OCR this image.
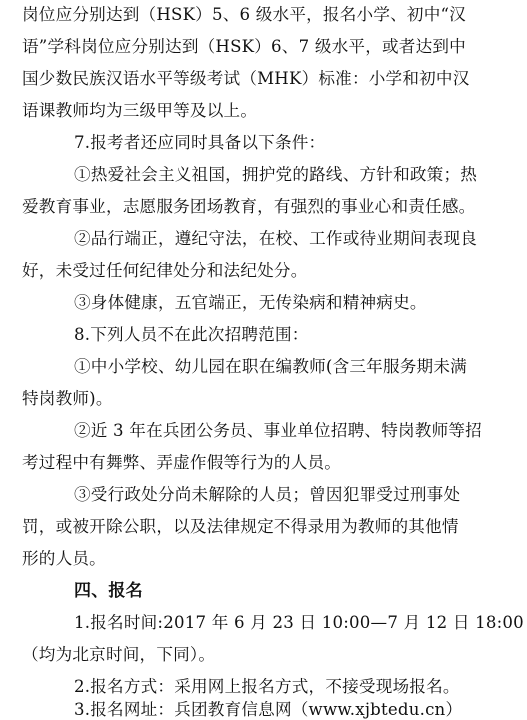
岗位应分别达到（HSK）5、6 级水平，报名小学、初中“汉
语”学科岗位应分别达到（HSK）6、7 级水平，或者达到中
国少数民族汉语水平等级考试（MHK）标准：小学和初中汉
语课教师均为三级甲等及以上。
7.报考者还应同时具备以下条件：
①热爱社会主义祖国，拥护党的路线、方针和政策；热
爱教育事业，志愿服务团场教育，有强烈的事业心和责任感。
②品行端正，遵纪守法，在校、工作或待业期间表现良
好，未受过任何纪律处分和法纪处分。
③身体健康，五官端正，无传染病和精神病史。
8.下列人员不在此次招聘范围：
①中小学校、幼儿园在职在编教师(含三年服务期未满
特岗教师)。
②近 3 年在兵团公务员、事业单位招聘、特岗教师等招
考过程中有舞弊、弄虚作假等行为的人员。
③受行政处分尚未解除的人员；曾因犯罪受过刑事处
罚，或被开除公职，以及法律规定不得录用为教师的其他情
形的人员。
四、报名
1.报名时间:2017 年 6 月 23 日 10:00—7 月 12 日 18:00
（均为北京时间，下同）。
2.报名方式：采用网上报名方式，不接受现场报名。
3.报名网址：兵团教育信息网（www.xjbtedu.cn）
